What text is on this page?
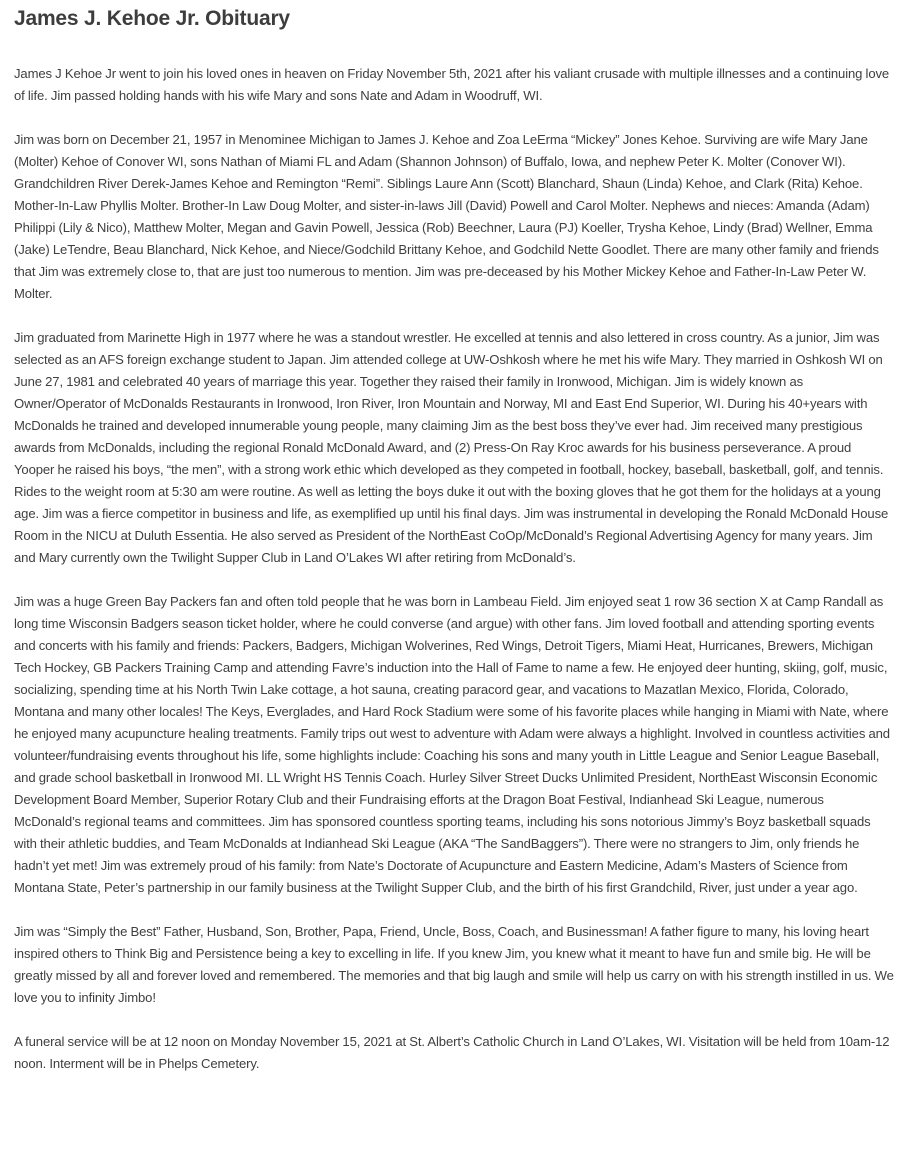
James J. Kehoe Jr. Obituary

James J Kehoe Jr went to join his loved ones in heaven on Friday November 5th, 2021 after his valiant crusade with multiple illnesses and a continuing love of life. Jim passed holding hands with his wife Mary and sons Nate and Adam in Woodruff, WI.

Jim was born on December 21, 1957 in Menominee Michigan to James J. Kehoe and Zoa LeErma “Mickey” Jones Kehoe. Surviving are wife Mary Jane (Molter) Kehoe of Conover WI, sons Nathan of Miami FL and Adam (Shannon Johnson) of Buffalo, Iowa, and nephew Peter K. Molter (Conover WI). Grandchildren River Derek-James Kehoe and Remington “Remi”. Siblings Laure Ann (Scott) Blanchard, Shaun (Linda) Kehoe, and Clark (Rita) Kehoe. Mother-In-Law Phyllis Molter. Brother-In Law Doug Molter, and sister-in-laws Jill (David) Powell and Carol Molter. Nephews and nieces: Amanda (Adam) Philippi (Lily & Nico), Matthew Molter, Megan and Gavin Powell, Jessica (Rob) Beechner, Laura (PJ) Koeller, Trysha Kehoe, Lindy (Brad) Wellner, Emma (Jake) LeTendre, Beau Blanchard, Nick Kehoe, and Niece/Godchild Brittany Kehoe, and Godchild Nette Goodlet. There are many other family and friends that Jim was extremely close to, that are just too numerous to mention. Jim was pre-deceased by his Mother Mickey Kehoe and Father-In-Law Peter W. Molter.

Jim graduated from Marinette High in 1977 where he was a standout wrestler. He excelled at tennis and also lettered in cross country. As a junior, Jim was selected as an AFS foreign exchange student to Japan. Jim attended college at UW-Oshkosh where he met his wife Mary. They married in Oshkosh WI on June 27, 1981 and celebrated 40 years of marriage this year. Together they raised their family in Ironwood, Michigan. Jim is widely known as Owner/Operator of McDonalds Restaurants in Ironwood, Iron River, Iron Mountain and Norway, MI and East End Superior, WI. During his 40+years with McDonalds he trained and developed innumerable young people, many claiming Jim as the best boss they’ve ever had. Jim received many prestigious awards from McDonalds, including the regional Ronald McDonald Award, and (2) Press-On Ray Kroc awards for his business perseverance. A proud Yooper he raised his boys, “the men”, with a strong work ethic which developed as they competed in football, hockey, baseball, basketball, golf, and tennis. Rides to the weight room at 5:30 am were routine. As well as letting the boys duke it out with the boxing gloves that he got them for the holidays at a young age. Jim was a fierce competitor in business and life, as exemplified up until his final days. Jim was instrumental in developing the Ronald McDonald House Room in the NICU at Duluth Essentia. He also served as President of the NorthEast CoOp/McDonald’s Regional Advertising Agency for many years. Jim and Mary currently own the Twilight Supper Club in Land O’Lakes WI after retiring from McDonald’s.

Jim was a huge Green Bay Packers fan and often told people that he was born in Lambeau Field. Jim enjoyed seat 1 row 36 section X at Camp Randall as long time Wisconsin Badgers season ticket holder, where he could converse (and argue) with other fans. Jim loved football and attending sporting events and concerts with his family and friends: Packers, Badgers, Michigan Wolverines, Red Wings, Detroit Tigers, Miami Heat, Hurricanes, Brewers, Michigan Tech Hockey, GB Packers Training Camp and attending Favre’s induction into the Hall of Fame to name a few. He enjoyed deer hunting, skiing, golf, music, socializing, spending time at his North Twin Lake cottage, a hot sauna, creating paracord gear, and vacations to Mazatlan Mexico, Florida, Colorado, Montana and many other locales! The Keys, Everglades, and Hard Rock Stadium were some of his favorite places while hanging in Miami with Nate, where he enjoyed many acupuncture healing treatments. Family trips out west to adventure with Adam were always a highlight. Involved in countless activities and volunteer/fundraising events throughout his life, some highlights include: Coaching his sons and many youth in Little League and Senior League Baseball, and grade school basketball in Ironwood MI. LL Wright HS Tennis Coach. Hurley Silver Street Ducks Unlimited President, NorthEast Wisconsin Economic Development Board Member, Superior Rotary Club and their Fundraising efforts at the Dragon Boat Festival, Indianhead Ski League, numerous McDonald’s regional teams and committees. Jim has sponsored countless sporting teams, including his sons notorious Jimmy’s Boyz basketball squads with their athletic buddies, and Team McDonalds at Indianhead Ski League (AKA “The SandBaggers”). There were no strangers to Jim, only friends he hadn’t yet met! Jim was extremely proud of his family: from Nate’s Doctorate of Acupuncture and Eastern Medicine, Adam’s Masters of Science from Montana State, Peter’s partnership in our family business at the Twilight Supper Club, and the birth of his first Grandchild, River, just under a year ago.

Jim was “Simply the Best” Father, Husband, Son, Brother, Papa, Friend, Uncle, Boss, Coach, and Businessman! A father figure to many, his loving heart inspired others to Think Big and Persistence being a key to excelling in life. If you knew Jim, you knew what it meant to have fun and smile big. He will be greatly missed by all and forever loved and remembered. The memories and that big laugh and smile will help us carry on with his strength instilled in us. We love you to infinity Jimbo!

A funeral service will be at 12 noon on Monday November 15, 2021 at St. Albert’s Catholic Church in Land O’Lakes, WI. Visitation will be held from 10am-12 noon. Interment will be in Phelps Cemetery.
